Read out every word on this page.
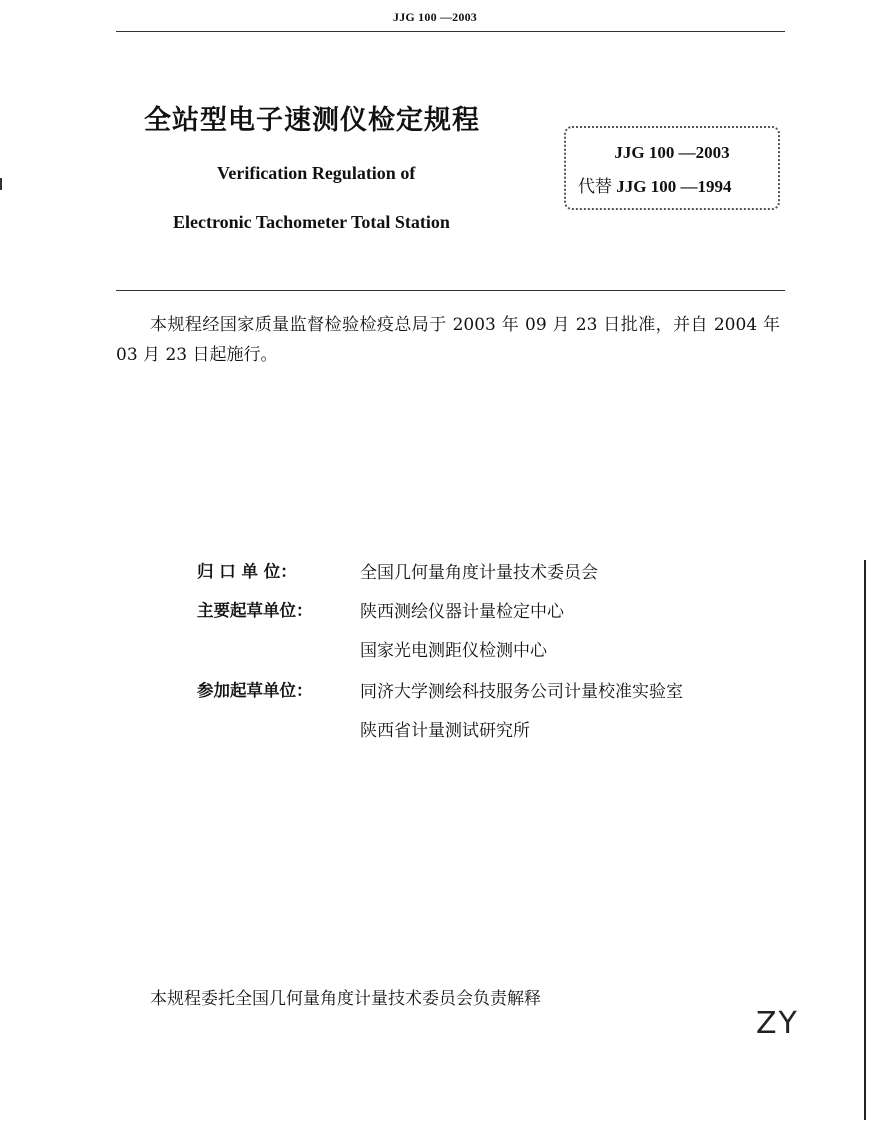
JJG 100 —2003
全站型电子速测仪检定规程
Verification Regulation of
Electronic Tachometer Total Station
JJG 100 —2003
代替 JJG 100 —1994
本规程经国家质量监督检验检疫总局于 2003 年 09 月 23 日批准，并自 2004 年 03 月 23 日起施行。
归 口 单 位：	全国几何量角度计量技术委员会
主要起草单位：	陕西测绘仪器计量检定中心
国家光电测距仪检测中心
参加起草单位：	同济大学测绘科技服务公司计量校准实验室
陕西省计量测试研究所
本规程委托全国几何量角度计量技术委员会负责解释
ZY
